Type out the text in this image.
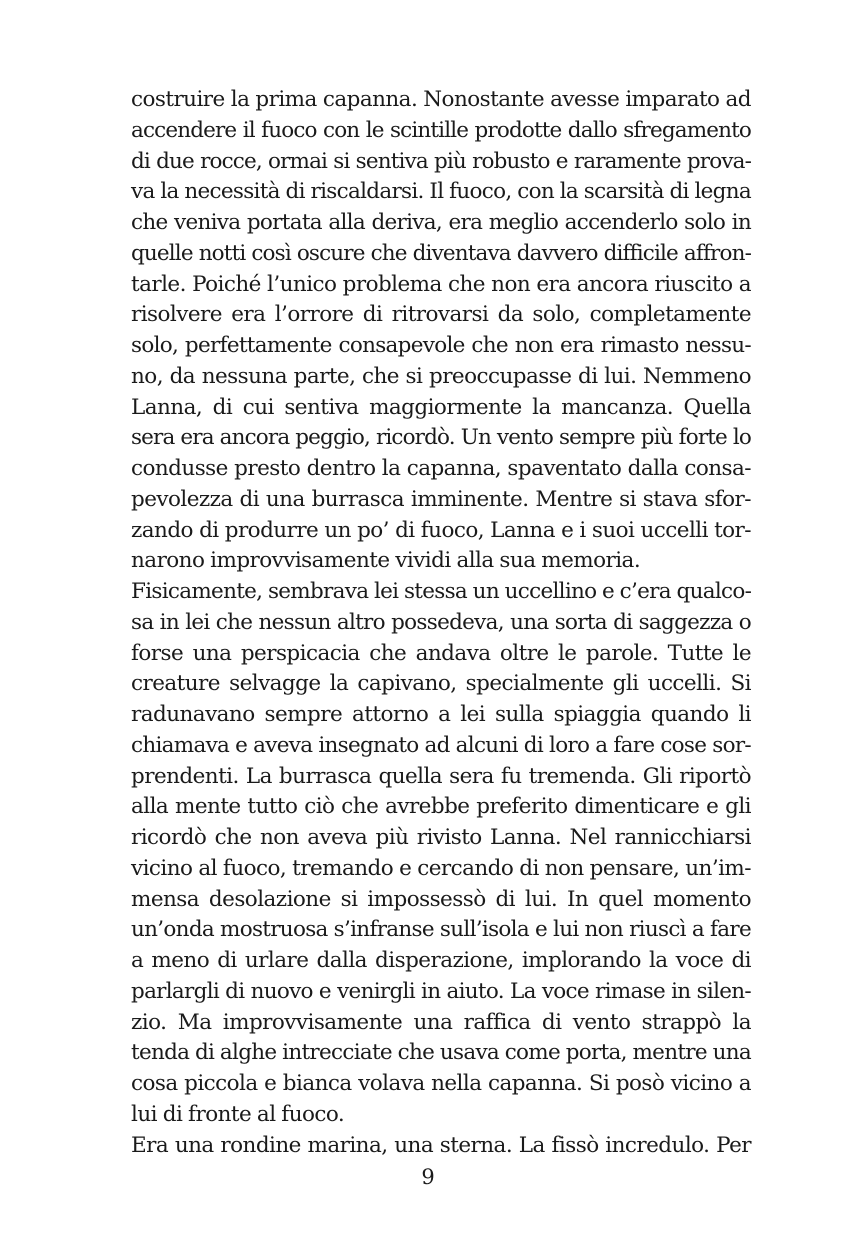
costruire la prima capanna. Nonostante avesse imparato ad
accendere il fuoco con le scintille prodotte dallo sfregamento
di due rocce, ormai si sentiva più robusto e raramente prova-
va la necessità di riscaldarsi. Il fuoco, con la scarsità di legna
che veniva portata alla deriva, era meglio accenderlo solo in
quelle notti così oscure che diventava davvero difficile affron-
tarle. Poiché l’unico problema che non era ancora riuscito a
risolvere era l’orrore di ritrovarsi da solo, completamente
solo, perfettamente consapevole che non era rimasto nessu-
no, da nessuna parte, che si preoccupasse di lui. Nemmeno
Lanna, di cui sentiva maggiormente la mancanza. Quella
sera era ancora peggio, ricordò. Un vento sempre più forte lo
condusse presto dentro la capanna, spaventato dalla consa-
pevolezza di una burrasca imminente. Mentre si stava sfor-
zando di produrre un po’ di fuoco, Lanna e i suoi uccelli tor-
narono improvvisamente vividi alla sua memoria.
Fisicamente, sembrava lei stessa un uccellino e c’era qualco-
sa in lei che nessun altro possedeva, una sorta di saggezza o
forse una perspicacia che andava oltre le parole. Tutte le
creature selvagge la capivano, specialmente gli uccelli. Si
radunavano sempre attorno a lei sulla spiaggia quando li
chiamava e aveva insegnato ad alcuni di loro a fare cose sor-
prendenti. La burrasca quella sera fu tremenda. Gli riportò
alla mente tutto ciò che avrebbe preferito dimenticare e gli
ricordò che non aveva più rivisto Lanna. Nel rannicchiarsi
vicino al fuoco, tremando e cercando di non pensare, un’im-
mensa desolazione si impossessò di lui. In quel momento
un’onda mostruosa s’infranse sull’isola e lui non riuscì a fare
a meno di urlare dalla disperazione, implorando la voce di
parlargli di nuovo e venirgli in aiuto. La voce rimase in silen-
zio. Ma improvvisamente una raffica di vento strappò la
tenda di alghe intrecciate che usava come porta, mentre una
cosa piccola e bianca volava nella capanna. Si posò vicino a
lui di fronte al fuoco.
Era una rondine marina, una sterna. La fissò incredulo. Per
9
